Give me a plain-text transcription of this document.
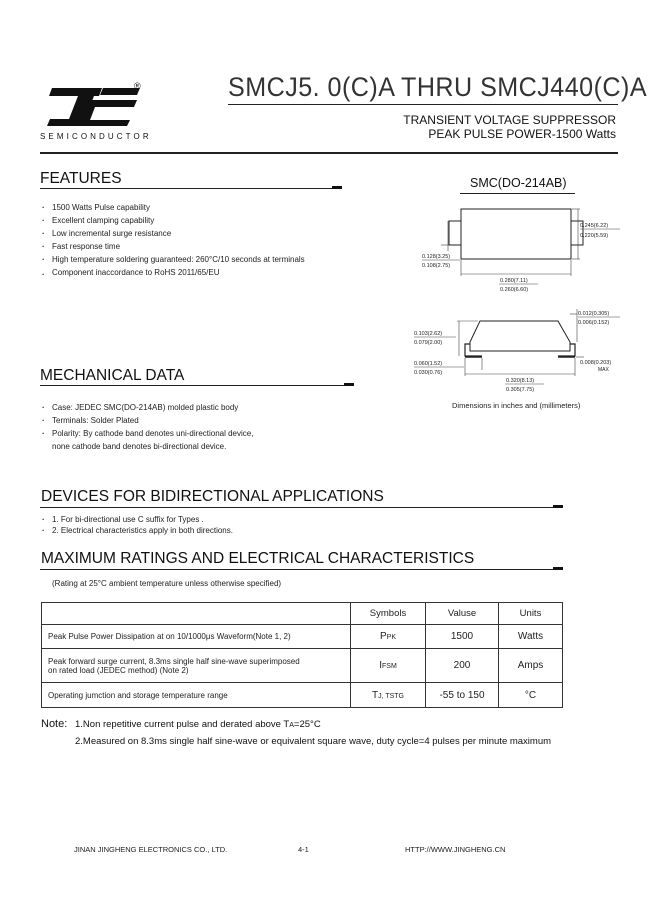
®
SEMICONDUCTOR
SMCJ5. 0(C)A THRU SMCJ440(C)A
TRANSIENT VOLTAGE SUPPRESSOR
PEAK PULSE POWER-1500 Watts
FEATURES
· 1500 Watts Pulse capability
· Excellent clamping capability
· Low incremental surge resistance
· Fast response time
· High temperature soldering guaranteed: 260°C/10 seconds at terminals
. Component inaccordance to RoHS 2011/65/EU
SMC(DO-214AB)
0.245(6.22)
0.220(5.59)
0.128(3.25)
0.108(2.75)
0.280(7.11)
0.260(6.60)
0.012(0.305)
0.006(0.152)
0.103(2.62)
0.079(2.00)
0.060(1.52)
0.030(0.76)
0.008(0.203)
MAX
0.320(8.13)
0.305(7.75)
Dimensions in inches and (millimeters)
MECHANICAL DATA
· Case: JEDEC SMC(DO-214AB) molded plastic body
· Terminals: Solder Plated
· Polarity: By cathode band denotes uni-directional device,
none cathode band denotes bi-directional device.
DEVICES FOR BIDIRECTIONAL APPLICATIONS
· 1. For bi-directional use C suffix for Types .
· 2. Electrical characteristics apply in both directions.
MAXIMUM RATINGS AND ELECTRICAL CHARACTERISTICS
(Rating at 25°C ambient temperature unless otherwise specified)
	Symbols	Valuse	Units
Peak Pulse Power Dissipation at on 10/1000μs Waveform(Note 1, 2)	PPK	1500	Watts
Peak forward surge current, 8.3ms single half sine-wave superimposed
on rated load (JEDEC method) (Note 2)	IFSM	200	Amps
Operating jumction and storage temperature range	TJ, TSTG	-55 to 150	°C
Note: 1.Non repetitive current pulse and derated above TA=25°C
2.Measured on 8.3ms single half sine-wave or equivalent square wave, duty cycle=4 pulses per minute maximum
JINAN JINGHENG ELECTRONICS CO., LTD.	4-1	HTTP://WWW.JINGHENG.CN
